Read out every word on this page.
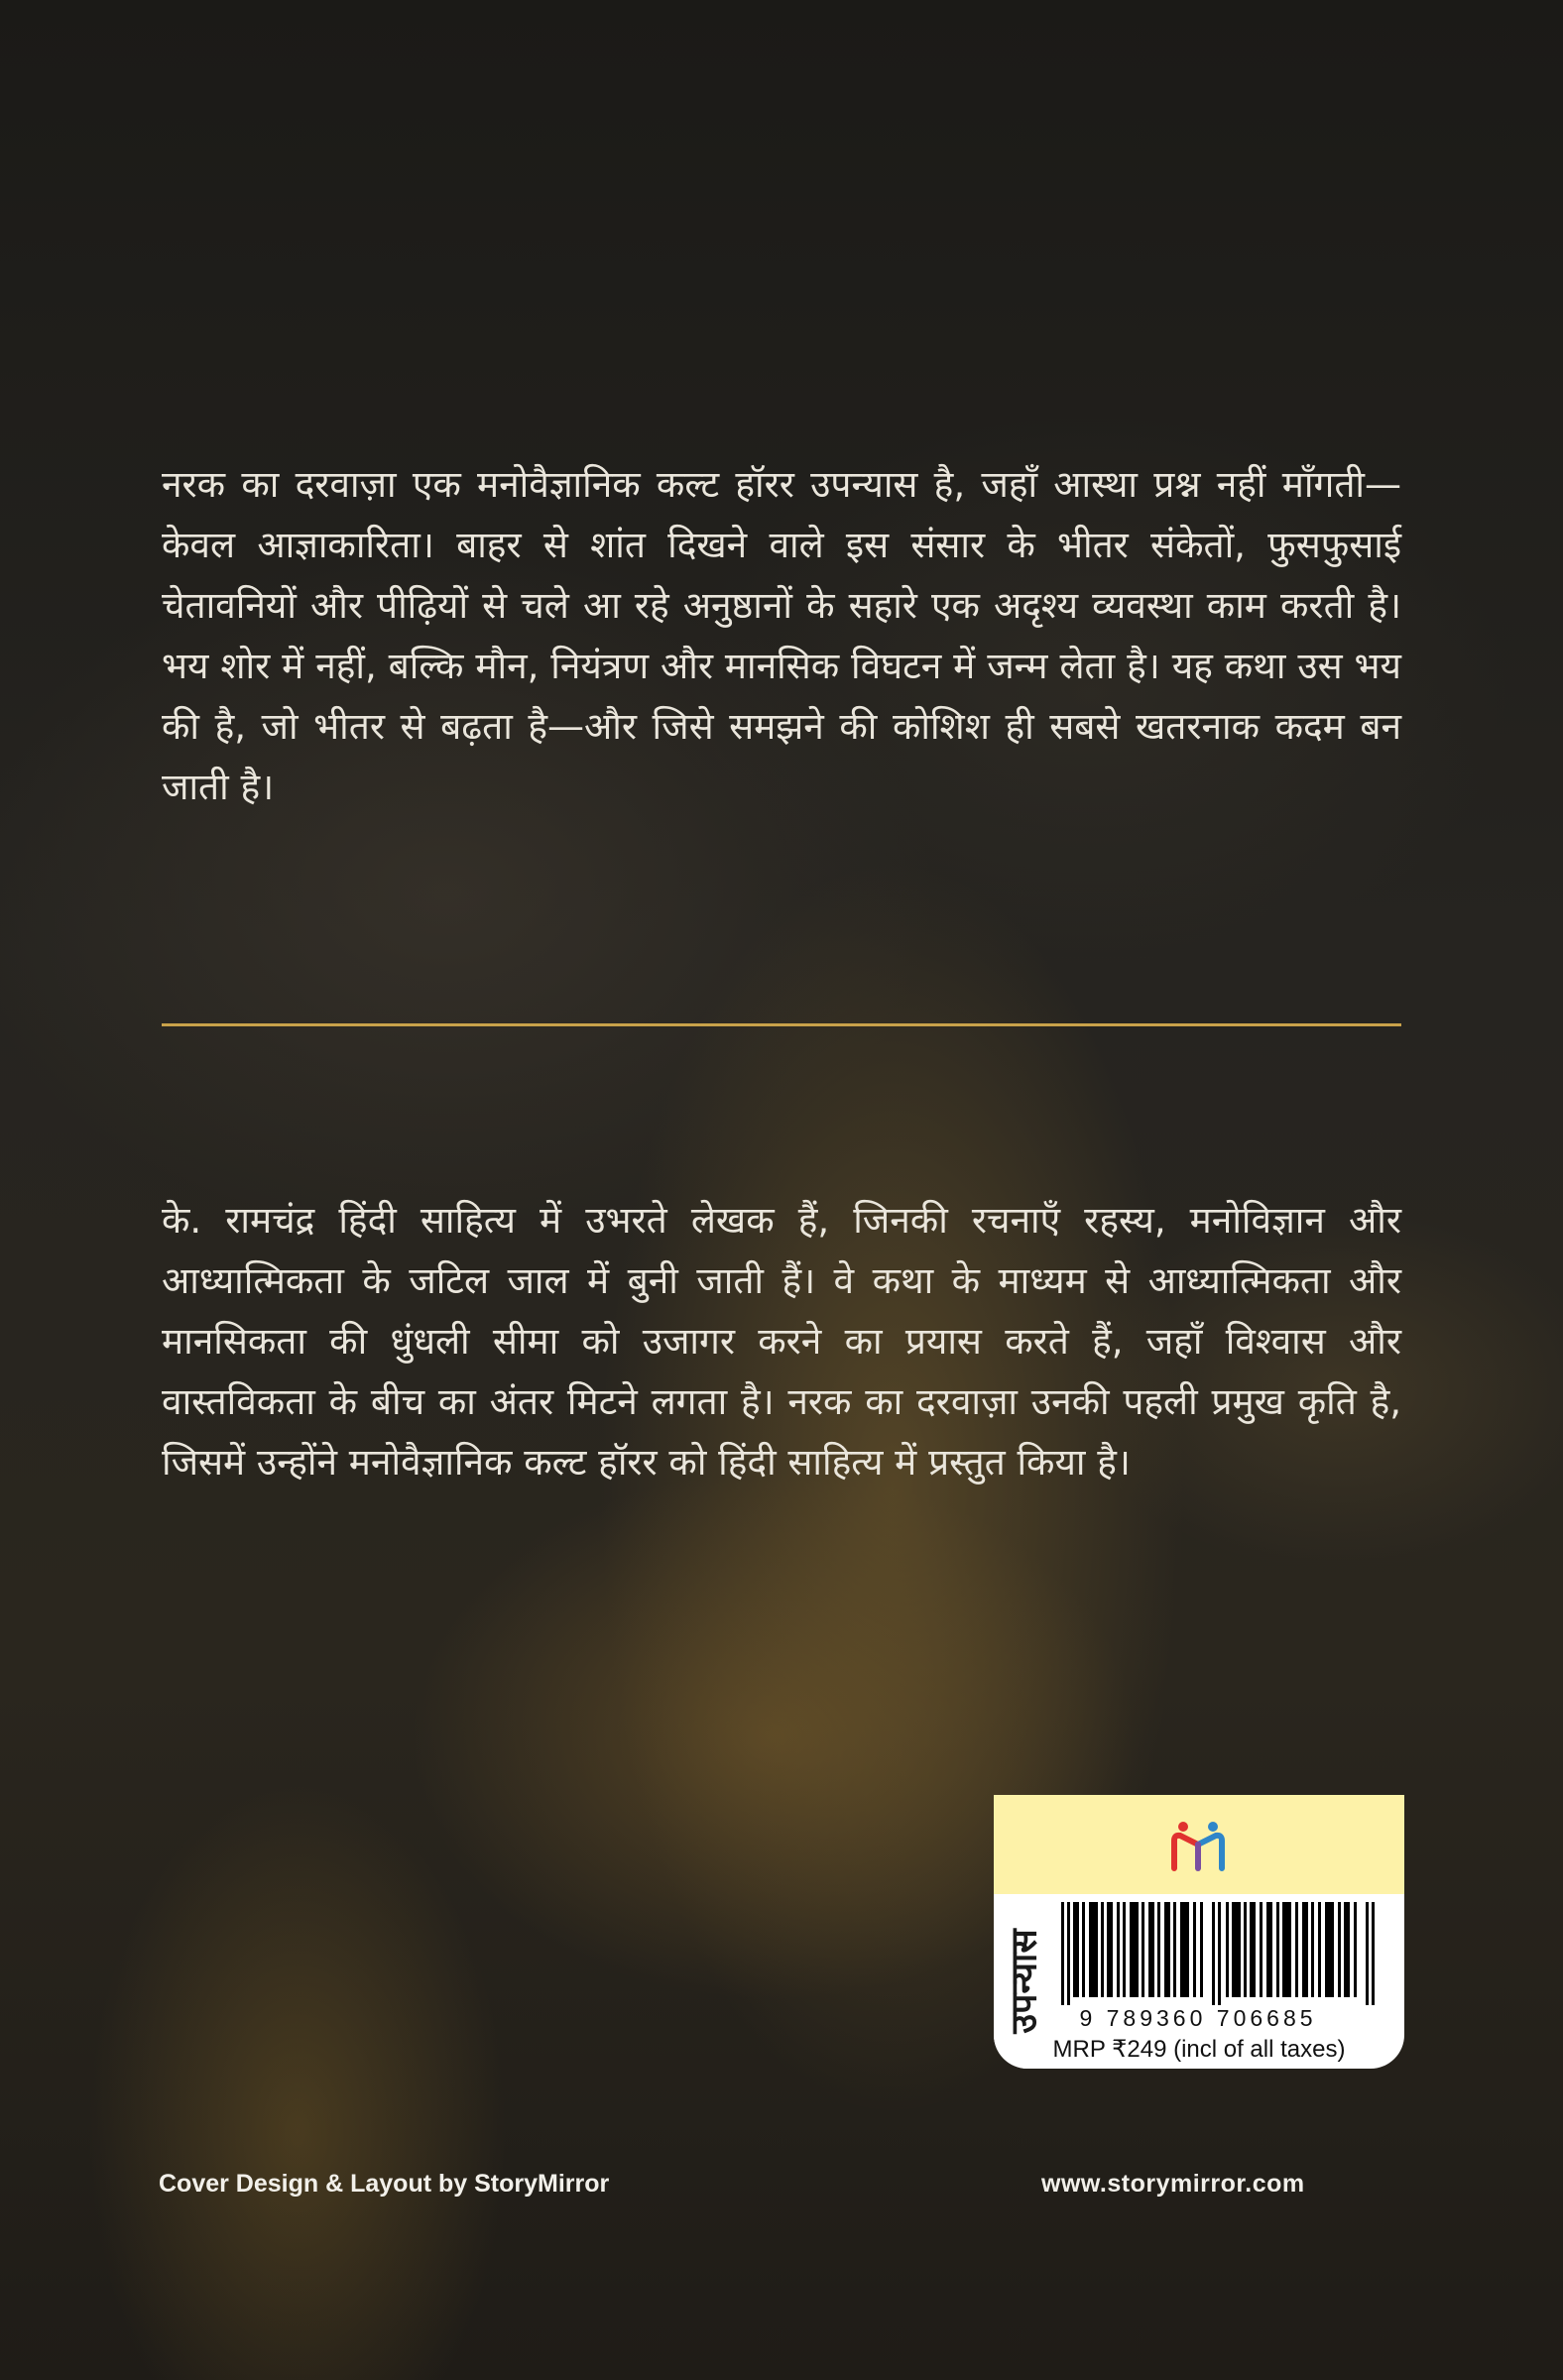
नरक का दरवाज़ा एक मनोवैज्ञानिक कल्ट हॉरर उपन्यास है, जहाँ आस्था प्रश्न नहीं माँगती—केवल आज्ञाकारिता। बाहर से शांत दिखने वाले इस संसार के भीतर संकेतों, फुसफुसाई चेतावनियों और पीढ़ियों से चले आ रहे अनुष्ठानों के सहारे एक अदृश्य व्यवस्था काम करती है। भय शोर में नहीं, बल्कि मौन, नियंत्रण और मानसिक विघटन में जन्म लेता है। यह कथा उस भय की है, जो भीतर से बढ़ता है—और जिसे समझने की कोशिश ही सबसे खतरनाक कदम बन जाती है।

के. रामचंद्र हिंदी साहित्य में उभरते लेखक हैं, जिनकी रचनाएँ रहस्य, मनोविज्ञान और आध्यात्मिकता के जटिल जाल में बुनी जाती हैं। वे कथा के माध्यम से आध्यात्मिकता और मानसिकता की धुंधली सीमा को उजागर करने का प्रयास करते हैं, जहाँ विश्वास और वास्तविकता के बीच का अंतर मिटने लगता है। नरक का दरवाज़ा उनकी पहली प्रमुख कृति है, जिसमें उन्होंने मनोवैज्ञानिक कल्ट हॉरर को हिंदी साहित्य में प्रस्तुत किया है।

उपन्यास	9 789360 706685

MRP ₹249 (incl of all taxes)

Cover Design & Layout by StoryMirror	www.storymirror.com
